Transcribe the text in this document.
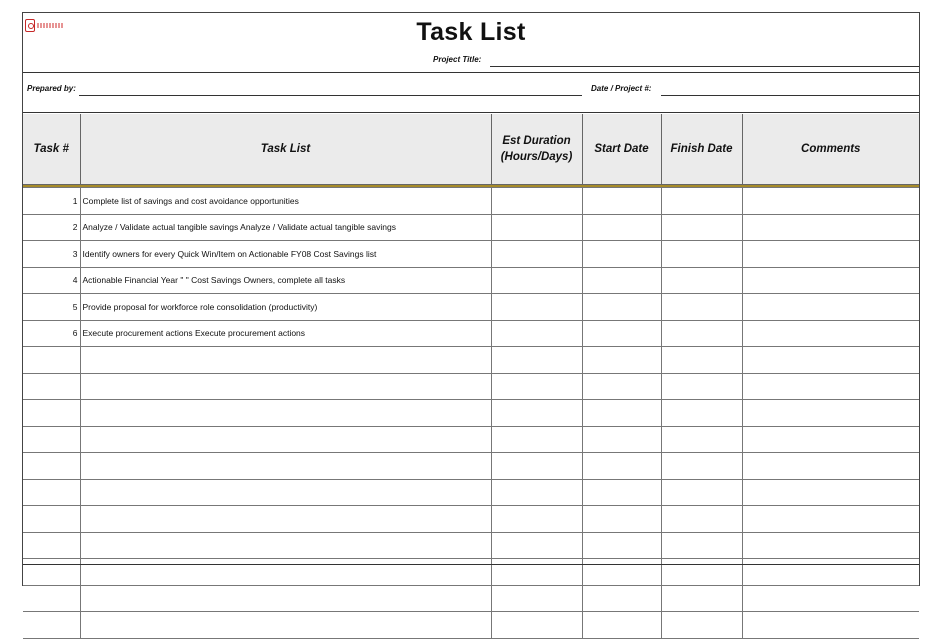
Task List
Project Title:
Prepared by:	Date / Project #:
Task #	Task List	Est Duration (Hours/Days)	Start Date	Finish Date	Comments

1	Complete list of savings and cost avoidance opportunities				
2	Analyze / Validate actual tangible savings Analyze / Validate actual tangible savings				
3	Identify owners for every Quick Win/Item on Actionable FY08 Cost Savings list				
4	Actionable Financial Year " " Cost Savings Owners, complete all tasks				
5	Provide proposal for workforce role consolidation (productivity)				
6	Execute procurement actions Execute procurement actions				
